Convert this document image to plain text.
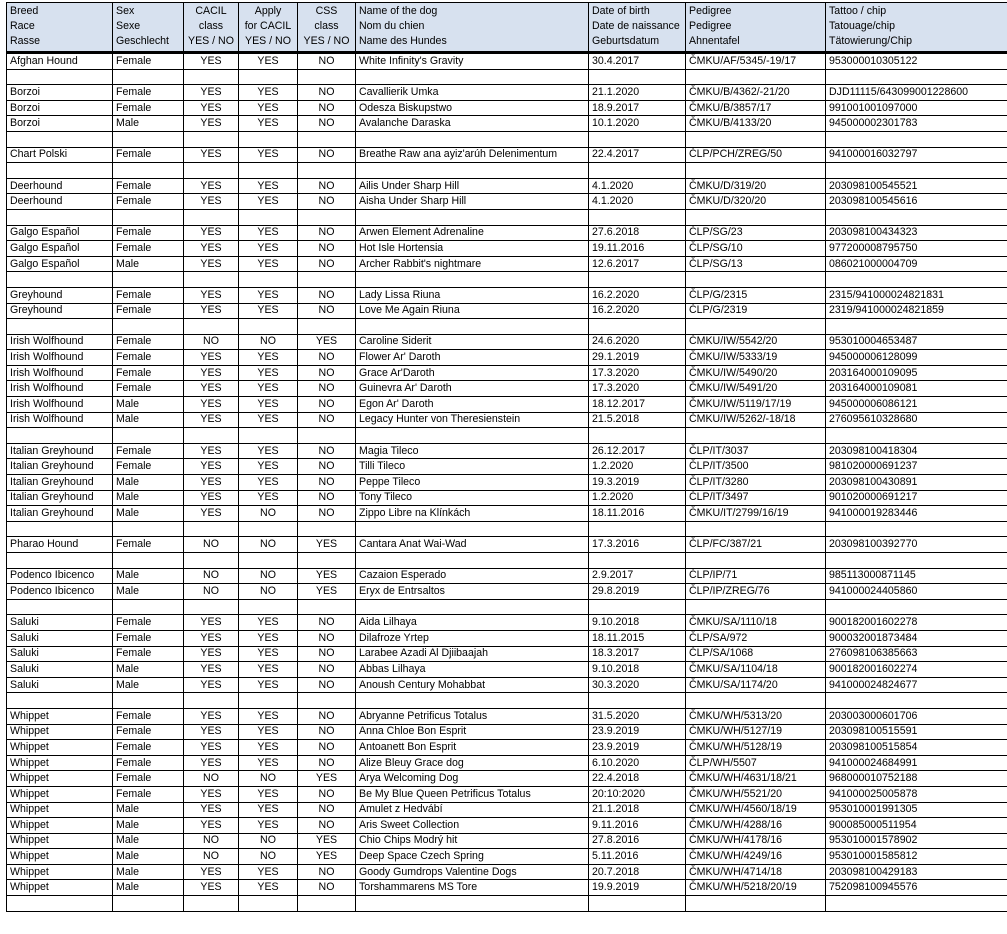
Breed
Race
Rasse	Sex
Sexe
Geschlecht	CACIL
class
YES / NO	Apply
for CACIL
YES / NO	CSS
class
YES / NO	Name of the dog
Nom du chien
Name des Hundes	Date of birth
Date de naissance
Geburtsdatum	Pedigree
Pedigree
Ahnentafel	Tattoo / chip
Tatouage/chip
Tätowierung/Chip

Afghan Hound	Female	YES	YES	NO	White Infinity's Gravity	30.4.2017	ČMKU/AF/5345/-19/17	953000010305122

Borzoi	Female	YES	YES	NO	Cavallierik Umka	21.1.2020	ČMKU/B/4362/-21/20	DJD11115/643099001228600
Borzoi	Female	YES	YES	NO	Odesza Biskupstwo	18.9.2017	ČMKU/B/3857/17	991001001097000
Borzoi	Male	YES	YES	NO	Avalanche Daraska	10.1.2020	ČMKU/B/4133/20	945000002301783

Chart Polski	Female	YES	YES	NO	Breathe Raw ana ayiz'arúh Delenimentum	22.4.2017	ČLP/PCH/ZREG/50	941000016032797

Deerhound	Female	YES	YES	NO	Ailis Under Sharp Hill	4.1.2020	ČMKU/D/319/20	203098100545521
Deerhound	Female	YES	YES	NO	Aisha Under Sharp Hill	4.1.2020	ČMKU/D/320/20	203098100545616

Galgo Español	Female	YES	YES	NO	Arwen Element Adrenaline	27.6.2018	ČLP/SG/23	203098100434323
Galgo Español	Female	YES	YES	NO	Hot Isle Hortensia	19.11.2016	ČLP/SG/10	977200008795750
Galgo Español	Male	YES	YES	NO	Archer Rabbit's nightmare	12.6.2017	ČLP/SG/13	086021000004709

Greyhound	Female	YES	YES	NO	Lady Lissa Riuna	16.2.2020	ČLP/G/2315	2315/941000024821831
Greyhound	Female	YES	YES	NO	Love Me Again Riuna	16.2.2020	ČLP/G/2319	2319/941000024821859

Irish Wolfhound	Female	NO	NO	YES	Caroline Siderit	24.6.2020	ČMKU/IW/5542/20	953010004653487
Irish Wolfhound	Female	YES	YES	NO	Flower Ar' Daroth	29.1.2019	ČMKU/IW/5333/19	945000006128099
Irish Wolfhound	Female	YES	YES	NO	Grace Ar'Daroth	17.3.2020	ČMKU/IW/5490/20	203164000109095
Irish Wolfhound	Female	YES	YES	NO	Guinevra Ar' Daroth	17.3.2020	ČMKU/IW/5491/20	203164000109081
Irish Wolfhound	Male	YES	YES	NO	Egon Ar' Daroth	18.12.2017	ČMKU/IW/5119/17/19	945000006086121
Irish Wolfhound	Male	YES	YES	NO	Legacy Hunter von Theresienstein	21.5.2018	ČMKU/IW/5262/-18/18	276095610328680

Italian Greyhound	Female	YES	YES	NO	Magia Tileco	26.12.2017	ČLP/IT/3037	203098100418304
Italian Greyhound	Female	YES	YES	NO	Tilli Tileco	1.2.2020	ČLP/IT/3500	981020000691237
Italian Greyhound	Male	YES	YES	NO	Peppe Tileco	19.3.2019	ČLP/IT/3280	203098100430891
Italian Greyhound	Male	YES	YES	NO	Tony Tileco	1.2.2020	ČLP/IT/3497	901020000691217
Italian Greyhound	Male	YES	NO	NO	Zippo Libre na Klínkách	18.11.2016	ČMKU/IT/2799/16/19	941000019283446

Pharao Hound	Female	NO	NO	YES	Cantara Anat Wai-Wad	17.3.2016	ČLP/FC/387/21	203098100392770

Podenco Ibicenco	Male	NO	NO	YES	Cazaion Esperado	2.9.2017	ČLP/IP/71	985113000871145
Podenco Ibicenco	Male	NO	NO	YES	Eryx de Entrsaltos	29.8.2019	ČLP/IP/ZREG/76	941000024405860

Saluki	Female	YES	YES	NO	Aida Lilhaya	9.10.2018	ČMKU/SA/1110/18	900182001602278
Saluki	Female	YES	YES	NO	Dilafroze Yrtep	18.11.2015	ČLP/SA/972	900032001873484
Saluki	Female	YES	YES	NO	Larabee Azadi Al Djiibaajah	18.3.2017	ČLP/SA/1068	276098106385663
Saluki	Male	YES	YES	NO	Abbas Lilhaya	9.10.2018	ČMKU/SA/1104/18	900182001602274
Saluki	Male	YES	YES	NO	Anoush Century Mohabbat	30.3.2020	ČMKU/SA/1174/20	941000024824677

Whippet	Female	YES	YES	NO	Abryanne Petrificus Totalus	31.5.2020	ČMKU/WH/5313/20	203003000601706
Whippet	Female	YES	YES	NO	Anna Chloe Bon Esprit	23.9.2019	ČMKU/WH/5127/19	203098100515591
Whippet	Female	YES	YES	NO	Antoanett Bon Esprit	23.9.2019	ČMKU/WH/5128/19	203098100515854
Whippet	Female	YES	YES	NO	Alize Bleuy Grace dog	6.10.2020	ČLP/WH/5507	941000024684991
Whippet	Female	NO	NO	YES	Arya Welcoming Dog	22.4.2018	ČMKU/WH/4631/18/21	968000010752188
Whippet	Female	YES	YES	NO	Be My Blue Queen Petrificus Totalus	20:10:2020	ČMKU/WH/5521/20	941000025005878
Whippet	Male	YES	YES	NO	Amulet z Hedvábí	21.1.2018	ČMKU/WH/4560/18/19	953010001991305
Whippet	Male	YES	YES	NO	Aris Sweet Collection	9.11.2016	ČMKU/WH/4288/16	900085000511954
Whippet	Male	NO	NO	YES	Chio Chips Modrý hit	27.8.2016	ČMKU/WH/4178/16	953010001578902
Whippet	Male	NO	NO	YES	Deep Space Czech Spring	5.11.2016	ČMKU/WH/4249/16	953010001585812
Whippet	Male	YES	YES	NO	Goody Gumdrops Valentine Dogs	20.7.2018	ČMKU/WH/4714/18	203098100429183
Whippet	Male	YES	YES	NO	Torshammarens MS Tore	19.9.2019	ČMKU/WH/5218/20/19	752098100945576
